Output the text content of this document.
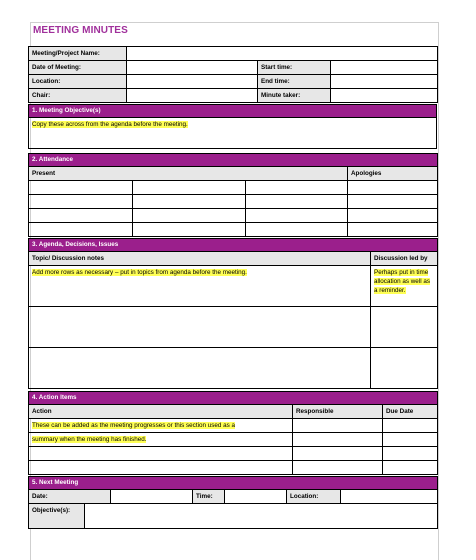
MEETING MINUTES
Meeting/Project Name:			
Date of Meeting:		Start time:	
Location:		End time:	
Chair:		Minute taker:	
1. Meeting Objective(s)
Copy these across from the agenda before the meeting.
2. Attendance			
Present			Apologies

3. Agenda, Decisions, Issues	
Topic/ Discussion notes	Discussion led by
Add more rows as necessary – put in topics from agenda before the meeting.	Perhaps put in time allocation as well as a reminder.

4. Action Items		
Action	Responsible	Due Date
These can be added as the meeting progresses or this section used as a		
summary when the meeting has finished.		

5. Next Meeting						
Date:			Time:		Location:	
Objective(s):						
